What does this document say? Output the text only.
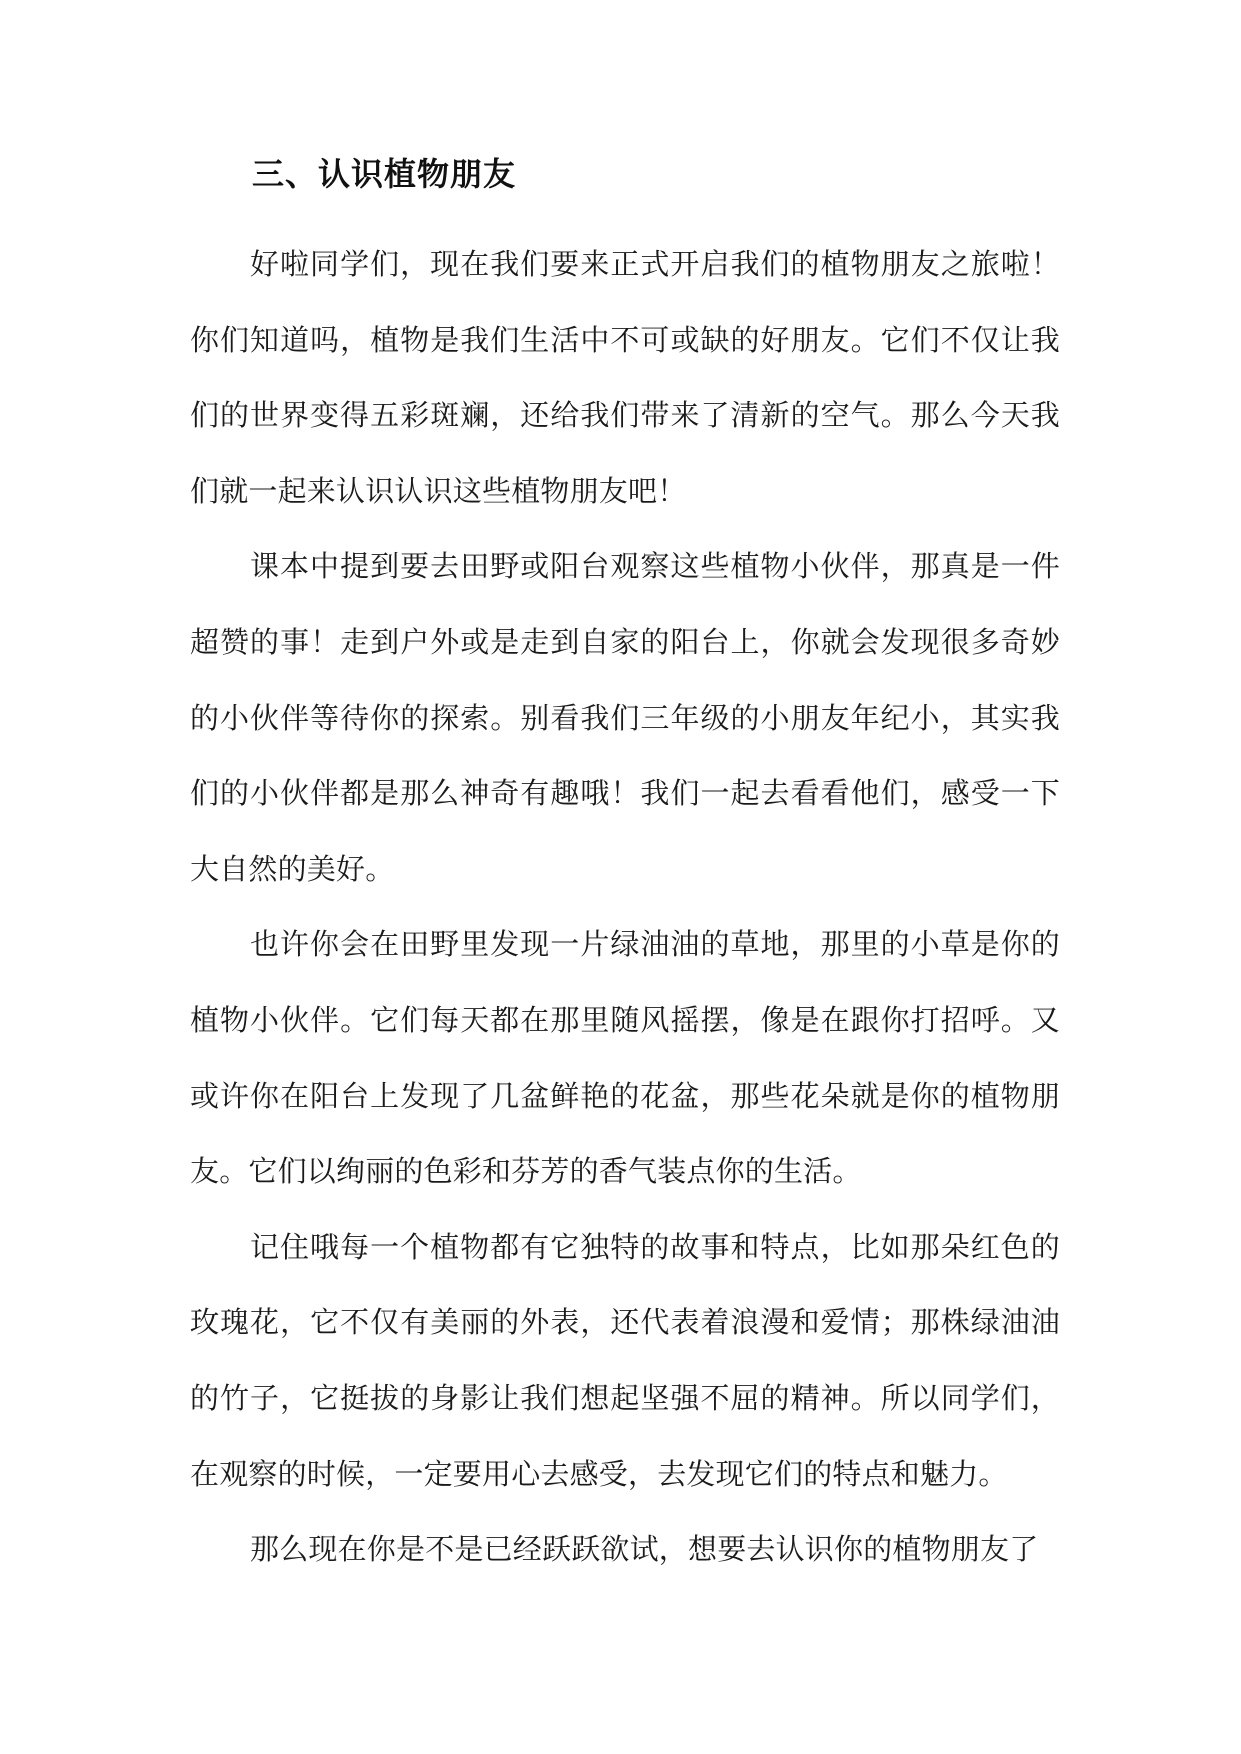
三、认识植物朋友

好啦同学们，现在我们要来正式开启我们的植物朋友之旅啦！你们知道吗，植物是我们生活中不可或缺的好朋友。它们不仅让我们的世界变得五彩斑斓，还给我们带来了清新的空气。那么今天我们就一起来认识认识这些植物朋友吧！

课本中提到要去田野或阳台观察这些植物小伙伴，那真是一件超赞的事！走到户外或是走到自家的阳台上，你就会发现很多奇妙的小伙伴等待你的探索。别看我们三年级的小朋友年纪小，其实我们的小伙伴都是那么神奇有趣哦！我们一起去看看他们，感受一下大自然的美好。

也许你会在田野里发现一片绿油油的草地，那里的小草是你的植物小伙伴。它们每天都在那里随风摇摆，像是在跟你打招呼。又或许你在阳台上发现了几盆鲜艳的花盆，那些花朵就是你的植物朋友。它们以绚丽的色彩和芬芳的香气装点你的生活。

记住哦每一个植物都有它独特的故事和特点，比如那朵红色的玫瑰花，它不仅有美丽的外表，还代表着浪漫和爱情；那株绿油油的竹子，它挺拔的身影让我们想起坚强不屈的精神。所以同学们，在观察的时候，一定要用心去感受，去发现它们的特点和魅力。

那么现在你是不是已经跃跃欲试，想要去认识你的植物朋友了
